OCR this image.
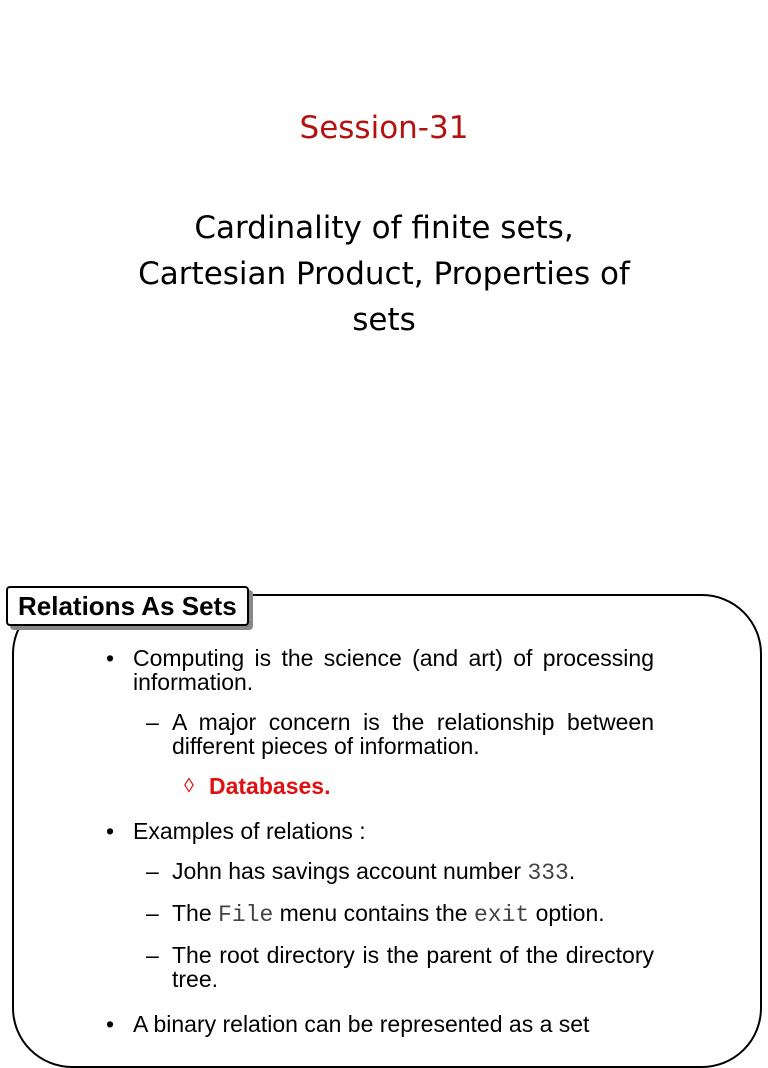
Session-31
Cardinality of finite sets,
Cartesian Product, Properties of sets
Relations As Sets
• Computing is the science (and art) of processing information.
– A major concern is the relationship between different pieces of information.
◊ Databases.
• Examples of relations :
– John has savings account number 333.
– The File menu contains the exit option.
– The root directory is the parent of the directory tree.
• A binary relation can be represented as a set
